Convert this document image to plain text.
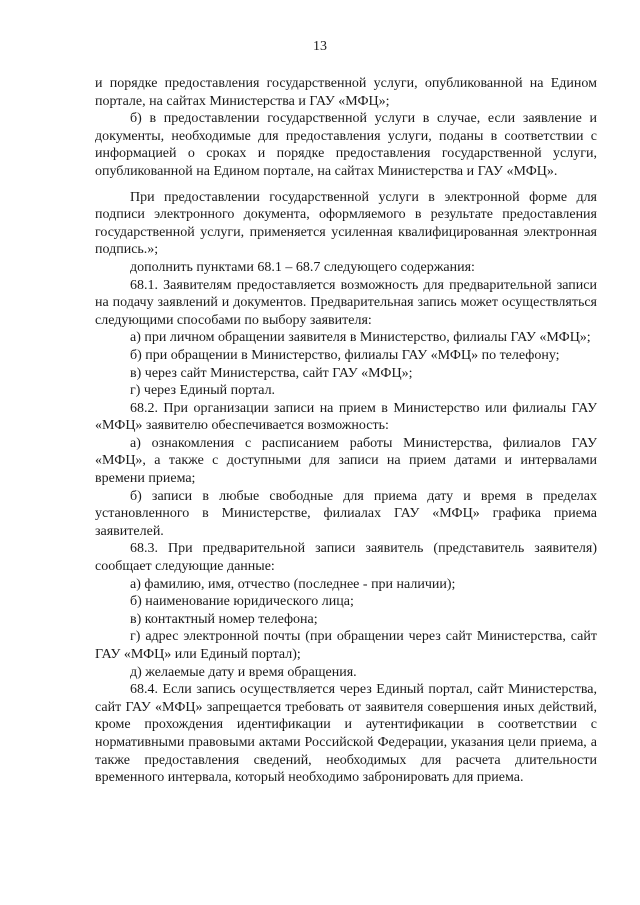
13

и порядке предоставления государственной услуги, опубликованной на Едином портале, на сайтах Министерства и ГАУ «МФЦ»;

б) в предоставлении государственной услуги в случае, если заявление и документы, необходимые для предоставления услуги, поданы в соответствии с информацией о сроках и порядке предоставления государственной услуги, опубликованной на Едином портале, на сайтах Министерства и ГАУ «МФЦ».

При предоставлении государственной услуги в электронной форме для подписи электронного документа, оформляемого в результате предоставления государственной услуги, применяется усиленная квалифицированная электронная подпись.»;

дополнить пунктами 68.1 – 68.7 следующего содержания:

68.1. Заявителям предоставляется возможность для предварительной записи на подачу заявлений и документов. Предварительная запись может осуществляться следующими способами по выбору заявителя:

а) при личном обращении заявителя в Министерство, филиалы ГАУ «МФЦ»;

б) при обращении в Министерство, филиалы ГАУ «МФЦ» по телефону;

в) через сайт Министерства, сайт ГАУ «МФЦ»;

г) через Единый портал.

68.2. При организации записи на прием в Министерство или филиалы ГАУ «МФЦ» заявителю обеспечивается возможность:

а) ознакомления с расписанием работы Министерства, филиалов ГАУ «МФЦ», а также с доступными для записи на прием датами и интервалами времени приема;

б) записи в любые свободные для приема дату и время в пределах установленного в Министерстве, филиалах ГАУ «МФЦ» графика приема заявителей.

68.3. При предварительной записи заявитель (представитель заявителя) сообщает следующие данные:

а) фамилию, имя, отчество (последнее - при наличии);

б) наименование юридического лица;

в) контактный номер телефона;

г) адрес электронной почты (при обращении через сайт Министерства, сайт ГАУ «МФЦ» или Единый портал);

д) желаемые дату и время обращения.

68.4. Если запись осуществляется через Единый портал, сайт Министерства, сайт ГАУ «МФЦ» запрещается требовать от заявителя совершения иных действий, кроме прохождения идентификации и аутентификации в соответствии с нормативными правовыми актами Российской Федерации, указания цели приема, а также предоставления сведений, необходимых для расчета длительности временного интервала, который необходимо забронировать для приема.
